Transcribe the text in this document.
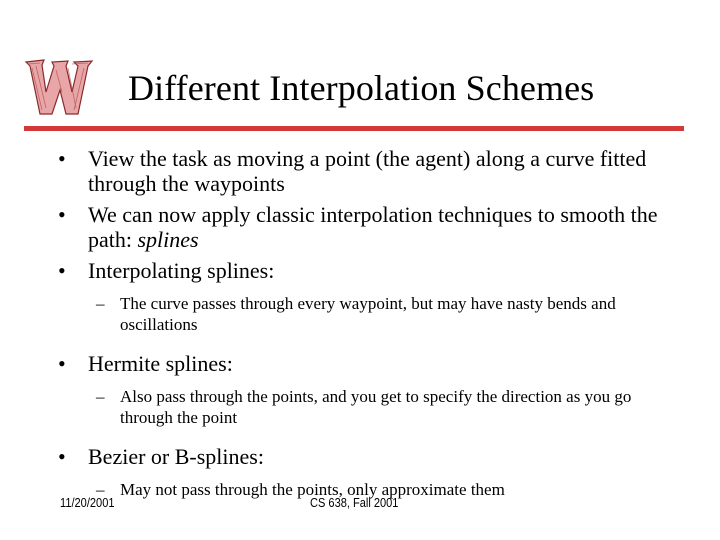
Different Interpolation Schemes
•	View the task as moving a point (the agent) along a curve fitted through the waypoints
•	We can now apply classic interpolation techniques to smooth the path: splines
•	Interpolating splines:
– The curve passes through every waypoint, but may have nasty bends and oscillations
•	Hermite splines:
– Also pass through the points, and you get to specify the direction as you go through the point
•	Bezier or B-splines:
– May not pass through the points, only approximate them
11/20/2001	CS 638, Fall 2001
